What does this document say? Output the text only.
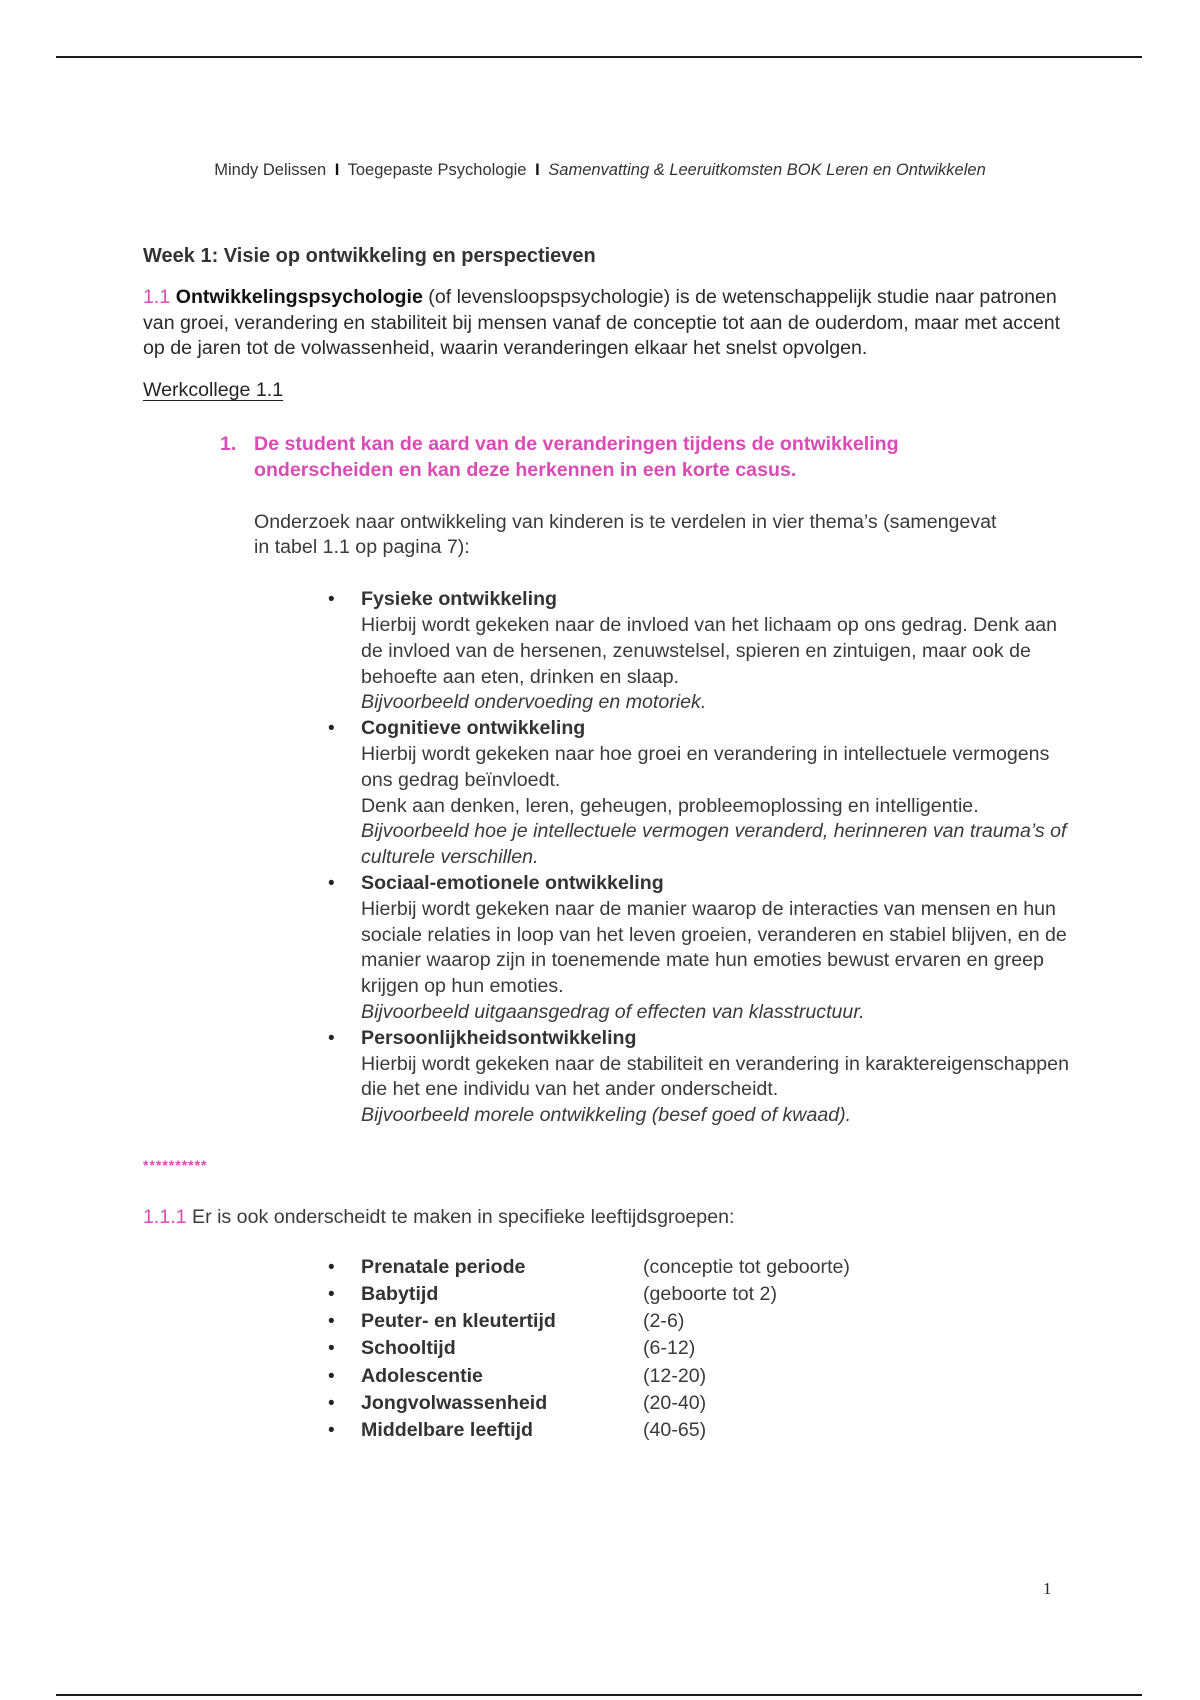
Mindy Delissen I Toegepaste Psychologie I Samenvatting & Leeruitkomsten BOK Leren en Ontwikkelen
Week 1: Visie op ontwikkeling en perspectieven

1.1 Ontwikkelingspsychologie (of levensloopspsychologie) is de wetenschappelijk studie naar patronen van groei, verandering en stabiliteit bij mensen vanaf de conceptie tot aan de ouderdom, maar met accent op de jaren tot de volwassenheid, waarin veranderingen elkaar het snelst opvolgen.

Werkcollege 1.1
1. De student kan de aard van de veranderingen tijdens de ontwikkeling onderscheiden en kan deze herkennen in een korte casus.
Onderzoek naar ontwikkeling van kinderen is te verdelen in vier thema’s (samengevat in tabel 1.1 op pagina 7):
• Fysieke ontwikkeling
Hierbij wordt gekeken naar de invloed van het lichaam op ons gedrag. Denk aan de invloed van de hersenen, zenuwstelsel, spieren en zintuigen, maar ook de behoefte aan eten, drinken en slaap.
Bijvoorbeeld ondervoeding en motoriek.
• Cognitieve ontwikkeling
Hierbij wordt gekeken naar hoe groei en verandering in intellectuele vermogens ons gedrag beïnvloedt.
Denk aan denken, leren, geheugen, probleemoplossing en intelligentie.
Bijvoorbeeld hoe je intellectuele vermogen veranderd, herinneren van trauma’s of culturele verschillen.
• Sociaal-emotionele ontwikkeling
Hierbij wordt gekeken naar de manier waarop de interacties van mensen en hun sociale relaties in loop van het leven groeien, veranderen en stabiel blijven, en de manier waarop zijn in toenemende mate hun emoties bewust ervaren en greep krijgen op hun emoties.
Bijvoorbeeld uitgaansgedrag of effecten van klasstructuur.
• Persoonlijkheidsontwikkeling
Hierbij wordt gekeken naar de stabiliteit en verandering in karaktereigenschappen die het ene individu van het ander onderscheidt.
Bijvoorbeeld morele ontwikkeling (besef goed of kwaad).
**********
1.1.1 Er is ook onderscheidt te maken in specifieke leeftijdsgroepen:
• Prenatale periode	(conceptie tot geboorte)
• Babytijd	(geboorte tot 2)
• Peuter- en kleutertijd	(2-6)
• Schooltijd	(6-12)
• Adolescentie	(12-20)
• Jongvolwassenheid	(20-40)
• Middelbare leeftijd	(40-65)
1
